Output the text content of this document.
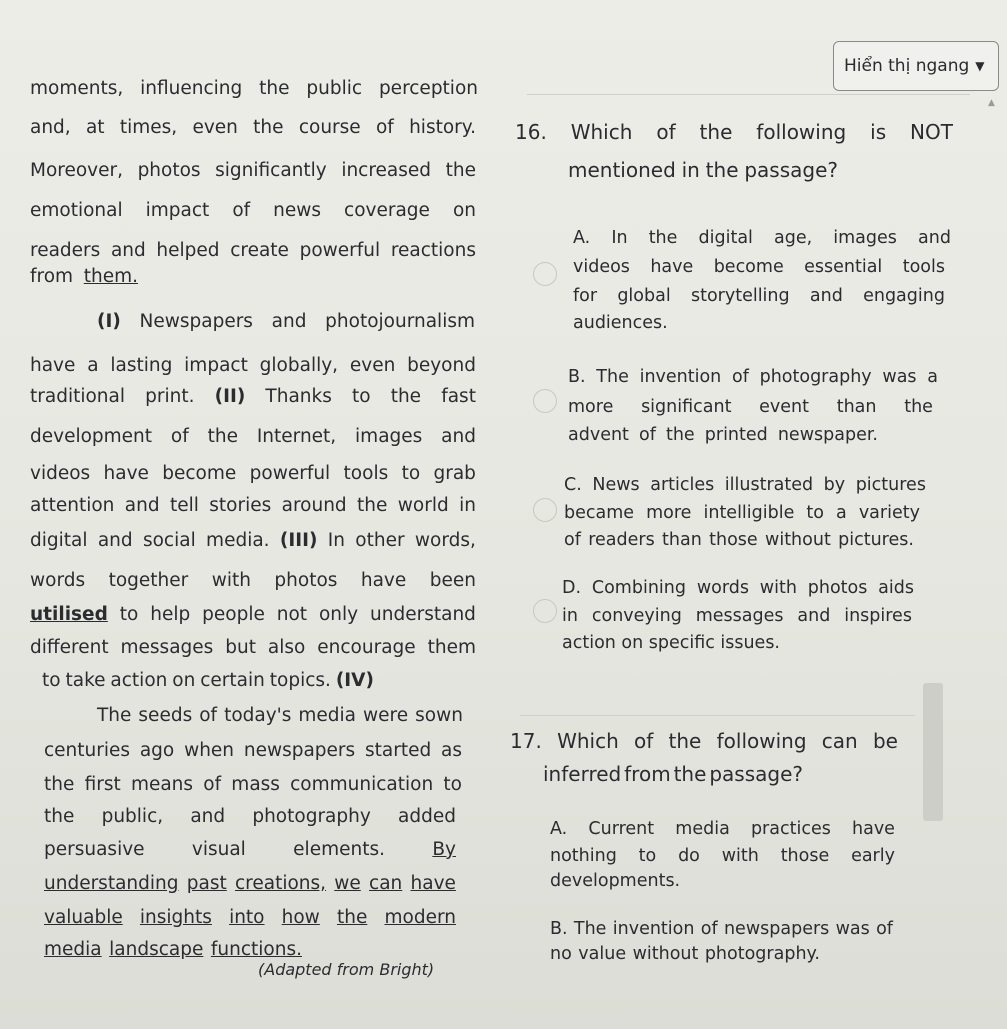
moments, influencing the public perception
and, at times, even the course of history.
Moreover, photos significantly increased the
emotional impact of news coverage on
readers and helped create powerful reactions
from them.
(I) Newspapers and photojournalism
have a lasting impact globally, even beyond
traditional print. (II) Thanks to the fast
development of the Internet, images and
videos have become powerful tools to grab
attention and tell stories around the world in
digital and social media. (III) In other words,
words together with photos have been
utilised to help people not only understand
different messages but also encourage them
to take action on certain topics. (IV)
The seeds of today's media were sown
centuries ago when newspapers started as
the first means of mass communication to
the public, and photography added
persuasive	visual	elements.	By
understanding past creations, we can have
valuable insights into how the modern
media landscape functions.
16. Which of the following is NOT
mentioned in the passage?
A. In the digital age, images and
videos have become essential tools
for global storytelling and engaging
audiences.
B. The invention of photography was a
more significant event than the
advent of the printed newspaper.
C. News articles illustrated by pictures
became more intelligible to a variety
of readers than those without pictures.
D. Combining words with photos aids
in conveying messages and inspires
action on specific issues.
17. Which of the following can be
inferred from the passage?
A. Current media practices have
nothing to do with those early
developments.
B. The invention of newspapers was of
no value without photography.
Hiển thị ngang ▼
▲
(Adapted from Bright)
